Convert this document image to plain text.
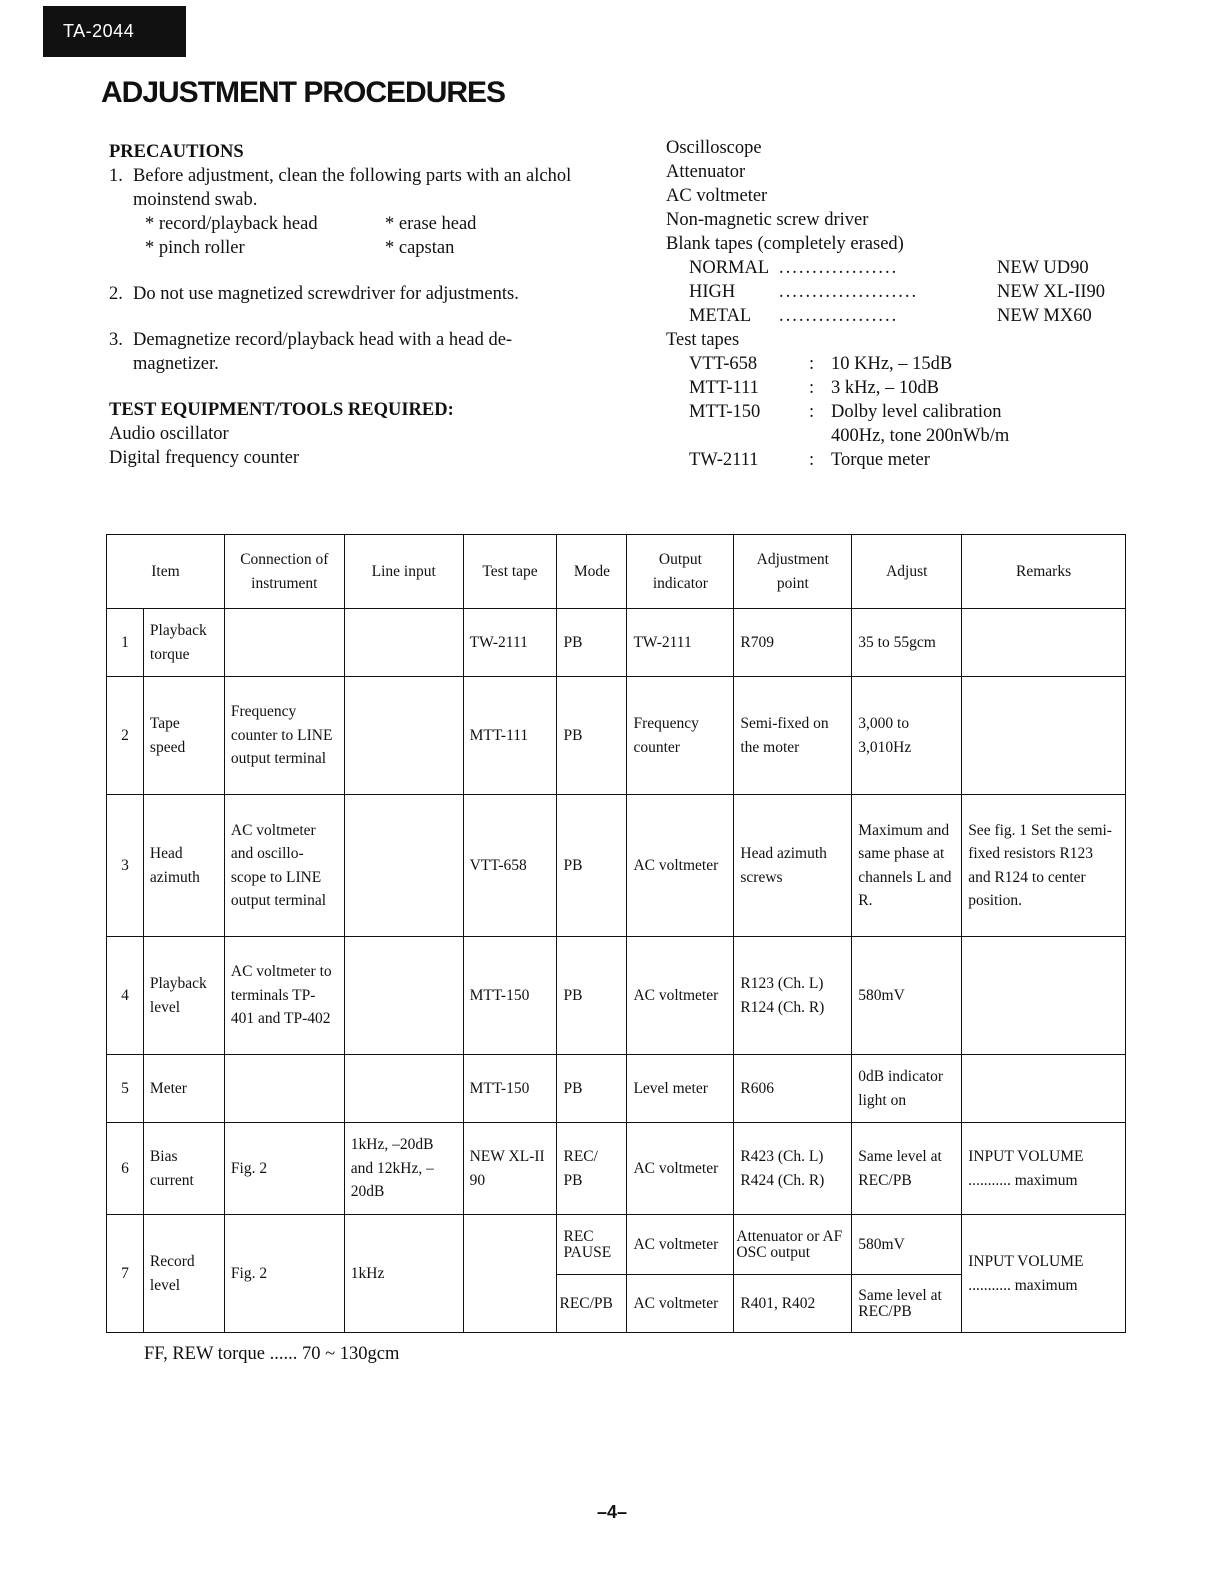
TA-2044
ADJUSTMENT PROCEDURES
PRECAUTIONS
1. Before adjustment, clean the following parts with an alchol moinstend swab.
* record/playback head	* erase head
* pinch roller	* capstan
2. Do not use magnetized screwdriver for adjustments.
3. Demagnetize record/playback head with a head de-magnetizer.
TEST EQUIPMENT/TOOLS REQUIRED:
Audio oscillator
Digital frequency counter
Oscilloscope
Attenuator
AC voltmeter
Non-magnetic screw driver
Blank tapes (completely erased)
NORMAL ..................	NEW UD90
HIGH	.....................	NEW XL-II90
METAL	..................	NEW MX60
Test tapes
VTT-658	: 10 KHz, – 15dB
MTT-111	: 3 kHz, – 10dB
MTT-150	: Dolby level calibration
400Hz, tone 200nWb/m
TW-2111	: Torque meter
Item		Connection of instrument	Line input	Test tape	Mode	Output indicator	Adjustment point	Adjust	Remarks
1	Playback torque			TW-2111	PB	TW-2111	R709	35 to 55gcm	
2	Tape speed	Frequency counter to LINE output terminal		MTT-111	PB	Frequency counter	Semi-fixed on the moter	3,000 to 3,010Hz	
3	Head azimuth	AC voltmeter and oscillo-scope to LINE output terminal		VTT-658	PB	AC voltmeter	Head azimuth screws	Maximum and same phase at channels L and R.	See fig. 1 Set the semi-fixed resistors R123 and R124 to center position.
4	Playback level	AC voltmeter to terminals TP-401 and TP-402		MTT-150	PB	AC voltmeter	R123 (Ch. L) R124 (Ch. R)	580mV	
5	Meter			MTT-150	PB	Level meter	R606	0dB indicator light on	
6	Bias current	Fig. 2	1kHz, –20dB and 12kHz, –20dB	NEW XL-II 90	REC/ PB	AC voltmeter	R423 (Ch. L) R424 (Ch. R)	Same level at REC/PB	INPUT VOLUME ........... maximum
7	Record level	Fig. 2	1kHz		REC PAUSE	AC voltmeter	Attenuator or AF OSC output	580mV	INPUT VOLUME ........... maximum
					REC/PB	AC voltmeter	R401, R402	Same level at REC/PB	
FF, REW torque ...... 70 ~ 130gcm
–4–
